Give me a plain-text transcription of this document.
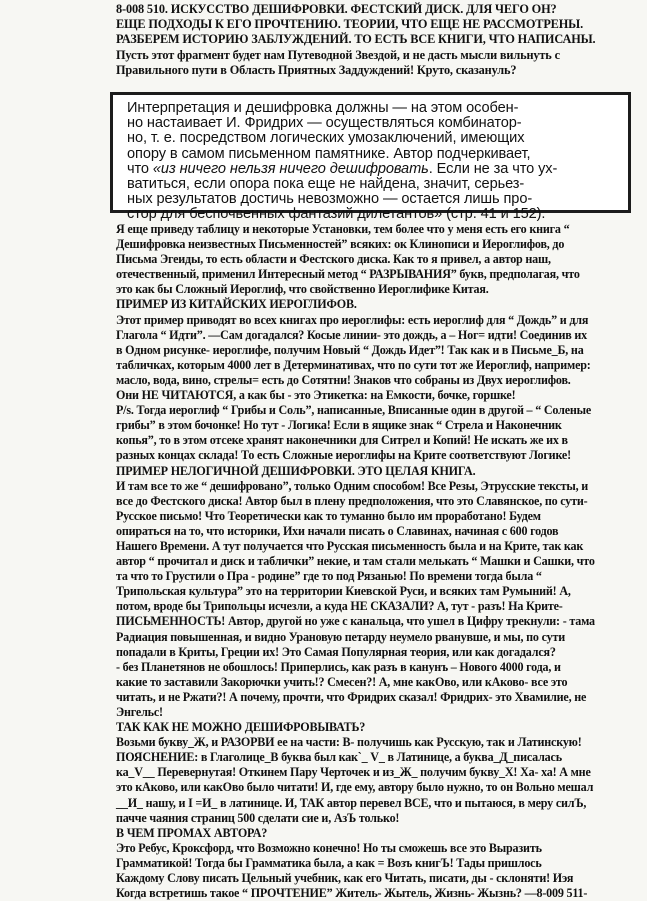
8-008 510. ИСКУССТВО ДЕШИФРОВКИ. ФЕСТСКИЙ ДИСК. ДЛЯ ЧЕГО ОН?
ЕЩЕ ПОДХОДЫ К ЕГО ПРОЧТЕНИЮ. ТЕОРИИ, ЧТО ЕЩЕ НЕ РАССМОТРЕНЫ.
РАЗБЕРЕМ ИСТОРИЮ ЗАБЛУЖДЕНИЙ. ТО ЕСТЬ ВСЕ КНИГИ, ЧТО НАПИСАНЫ.
Пусть этот фрагмент будет нам Путеводной Звездой, и не дасть мысли вильнуть с
Правильного пути в Область Приятных Заддуждений! Круто, сказануль?
Интерпретация и дешифровка должны — на этом особен-
но настаивает И. Фридрих — осуществляться комбинатор-
но, т. е. посредством логических умозаключений, имеющих
опору в самом письменном памятнике. Автор подчеркивает,
что «из ничего нельзя ничего дешифровать. Если не за что ух-
ватиться, если опора пока еще не найдена, значит, серьез-
ных результатов достичь невозможно — остается лишь про-
стор для беспочвенных фантазий дилетантов» (стр. 41 и 152).
Я еще приведу таблицу и некоторые Установки, тем более что у меня есть его книга “
Дешифровка неизвестных Письменностей” всяких: ок Клинописи и Иероглифов, до
Письма Эгеиды, то есть области и Фестского диска. Как то я привел, а автор наш,
отечественный, применил Интересный метод “ РАЗРЫВАНИЯ” букв, предполагая, что
это как бы Сложный Иероглиф, что свойственно Иероглифике Китая.
ПРИМЕР ИЗ КИТАЙСКИХ ИЕРОГЛИФОВ.
Этот пример приводят во всех книгах про иероглифы: есть иероглиф для “ Дождь” и для
Глагола “ Идти”. —Сам догадался? Косые линии- это дождь, а – Ног= идти! Соединив их
в Одном рисунке- иероглифе, получим Новый “ Дождь Идет”! Так как и в Письме_Б, на
табличках, которым 4000 лет в Детерминативах, что по сути тот же Иероглиф, например:
масло, вода, вино, стрелы= есть до Сотятни! Знаков что собраны из Двух иероглифов.
Они НЕ ЧИТАЮТСЯ, а как бы - это Этикетка: на Емкости, бочке, горшке!
P/s. Тогда иероглиф “ Грибы и Соль”, написанные, Вписанные один в другой – “ Соленые
грибы” в этом бочонке! Но тут - Логика! Если в ящике знак “ Стрела и Наконечник
копья”, то в этом отсеке хранят наконечники для Ситрел и Копий! Не искать же их в
разных концах склада! То есть Сложные иероглифы на Крите соответствуют Логике!
ПРИМЕР НЕЛОГИЧНОЙ ДЕШИФРОВКИ. ЭТО ЦЕЛАЯ КНИГА.
И там все то же “ дешифровано”, только Одним способом! Все Резы, Этрусские тексты, и
все до Фестского диска! Автор был в плену предположения, что это Славянское, по сути-
Русское письмо! Что Теоретически как то туманно было им проработано! Будем
опираться на то, что историки, Ихи начали писать о Славинах, начиная с 600 годов
Нашего Времени. А тут получается что Русская письменность была и на Крите, так как
автор “ прочитал и диск и таблички” некие, и там стали мелькать “ Машки и Сашки, что
та что то Грустили о Пра - родине” где то под Рязанью! По времени тогда была “
Трипольская культура” это на территории Киевской Руси, и всяких там Румыний! А,
потом, вроде бы Трипольцы исчезли, а куда НЕ СКАЗАЛИ? А, тут - разъ! На Крите-
ПИСЬМЕННОСТЬ! Автор, другой но уже с канальца, что ушел в Цифру трекнули: - тама
Радиация повышенная, и видно Урановую петарду неумело рванувше, и мы, по сути
попадали в Криты, Греции их! Это Самая Популярная теория, или как догадался?
- без Планетянов не обошлось! Приперлись, как разъ в канунъ – Нового 4000 года, и
какие то заставили Закорючки учить!? Смесен?! А, мне какОво, или кАково- все это
читать, и не Ржати?! А почему, прочти, что Фридрих сказал! Фридрих- это Хвамилие, не
Энгельс!
ТАК КАК НЕ МОЖНО ДЕШИФРОВЫВАТЬ?
Возьми букву_Ж, и РАЗОРВИ ее на части: В- получишь как Русскую, так и Латинскую!
ПОЯСНЕНИЕ: в Глаголице_В буква был как`_ V_ в Латинице, а буква_Д_писалась
ка_V__ Перевернутая! Откинем Пару Черточек и из_Ж_ получим букву_Х! Ха- ха! А мне
это кАково, или какОво было читати! И, где ему, автору было нужно, то он Вольно мешал
__И_ нашу, и I =И_ в латинице. И, ТАК автор перевел ВСЕ, что и пытаюся, в меру силЪ,
пачче чаяния страниц 500 сделати сие и, АзЪ только!
В ЧЕМ ПРОМАХ АВТОРА?
Это Ребус, Кроксфорд, что Возможно конечно! Но ты сможешь все это Выразить
Грамматикой! Тогда бы Грамматика была, а как = Возъ книгЪ! Тады пришлось
Каждому Слову писать Цельный учебник, как его Читать, писати, ды - склоняти! Иэя
Когда встретишь такое “ ПРОЧТЕНИЕ” Житель- Жытель, Жизнь- Жызнь? —8-009 511-
